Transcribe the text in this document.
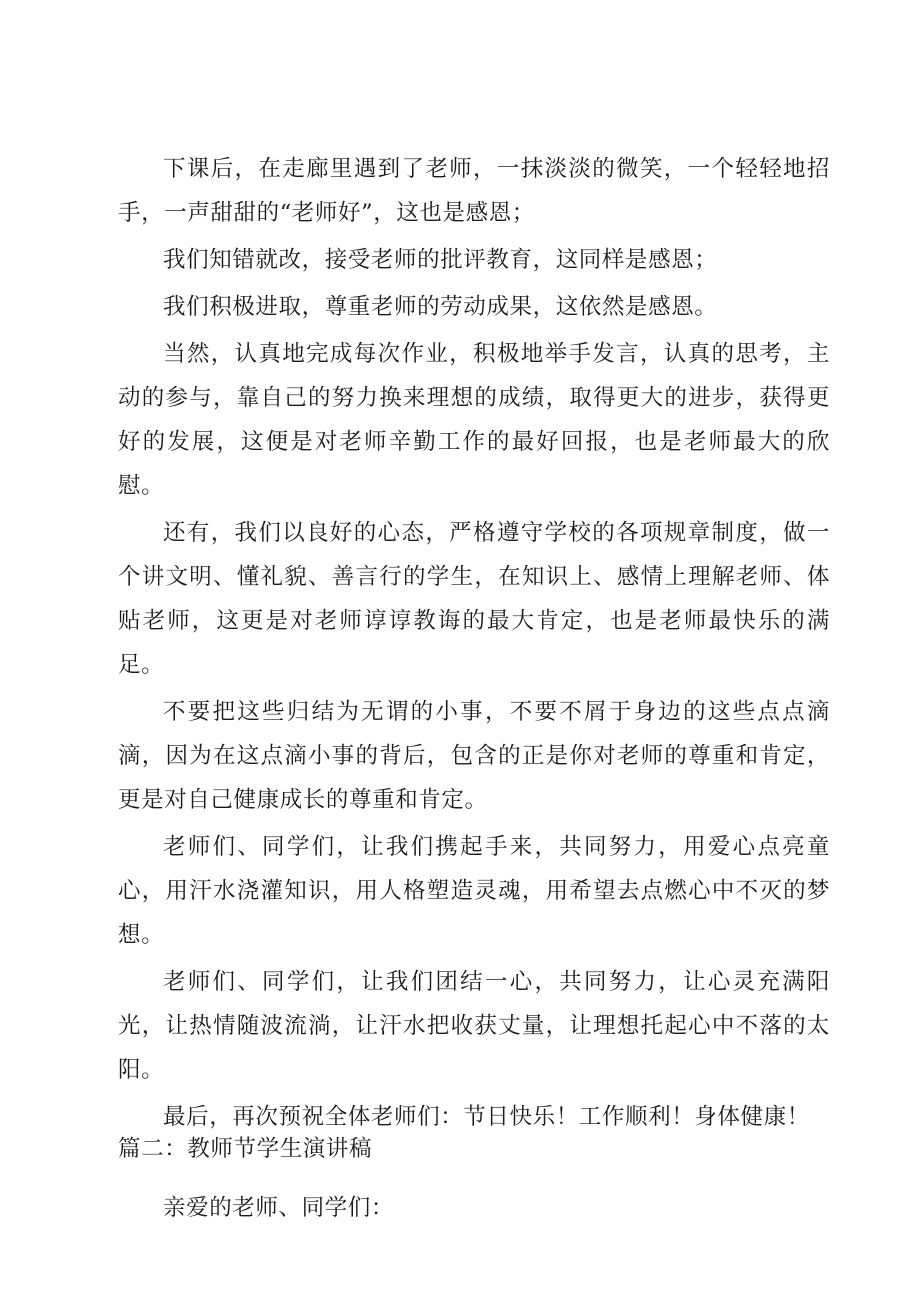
下课后，在走廊里遇到了老师，一抹淡淡的微笑，一个轻轻地招手，一声甜甜的“老师好”，这也是感恩；

我们知错就改，接受老师的批评教育，这同样是感恩；

我们积极进取，尊重老师的劳动成果，这依然是感恩。

当然，认真地完成每次作业，积极地举手发言，认真的思考，主动的参与，靠自己的努力换来理想的成绩，取得更大的进步，获得更好的发展，这便是对老师辛勤工作的最好回报，也是老师最大的欣慰。

还有，我们以良好的心态，严格遵守学校的各项规章制度，做一个讲文明、懂礼貌、善言行的学生，在知识上、感情上理解老师、体贴老师，这更是对老师谆谆教诲的最大肯定，也是老师最快乐的满足。

不要把这些归结为无谓的小事，不要不屑于身边的这些点点滴滴，因为在这点滴小事的背后，包含的正是你对老师的尊重和肯定，更是对自己健康成长的尊重和肯定。

老师们、同学们，让我们携起手来，共同努力，用爱心点亮童心，用汗水浇灌知识，用人格塑造灵魂，用希望去点燃心中不灭的梦想。

老师们、同学们，让我们团结一心，共同努力，让心灵充满阳光，让热情随波流淌，让汗水把收获丈量，让理想托起心中不落的太阳。

最后，再次预祝全体老师们：节日快乐！工作顺利！身体健康！

篇二：教师节学生演讲稿

亲爱的老师、同学们：
